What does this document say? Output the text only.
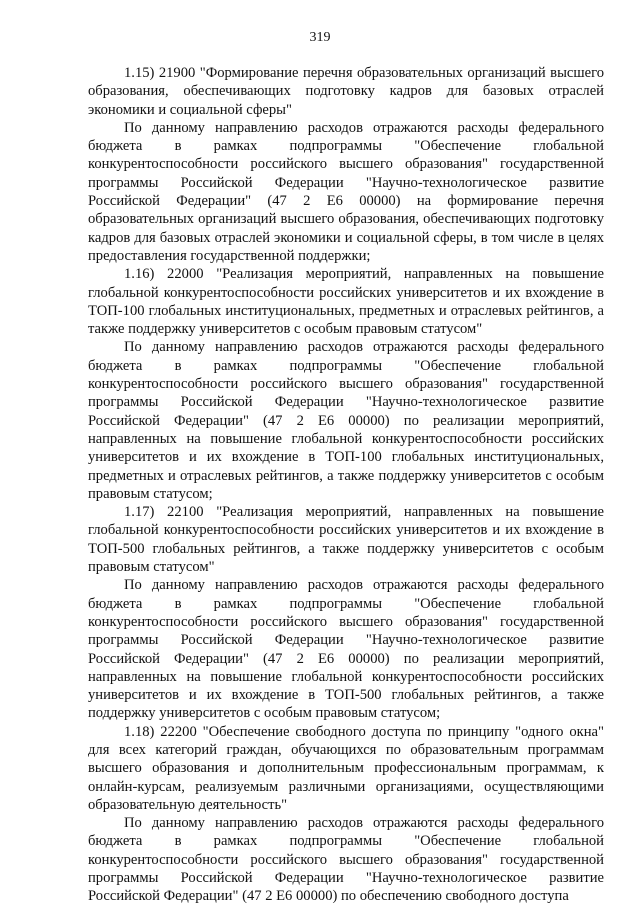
319

1.15) 21900 "Формирование перечня образовательных организаций высшего образования, обеспечивающих подготовку кадров для базовых отраслей экономики и социальной сферы"

По данному направлению расходов отражаются расходы федерального бюджета в рамках подпрограммы "Обеспечение глобальной конкурентоспособности российского высшего образования" государственной программы Российской Федерации "Научно-технологическое развитие Российской Федерации" (47 2 Е6 00000) на формирование перечня образовательных организаций высшего образования, обеспечивающих подготовку кадров для базовых отраслей экономики и социальной сферы, в том числе в целях предоставления государственной поддержки;

1.16) 22000 "Реализация мероприятий, направленных на повышение глобальной конкурентоспособности российских университетов и их вхождение в ТОП-100 глобальных институциональных, предметных и отраслевых рейтингов, а также поддержку университетов с особым правовым статусом"

По данному направлению расходов отражаются расходы федерального бюджета в рамках подпрограммы "Обеспечение глобальной конкурентоспособности российского высшего образования" государственной программы Российской Федерации "Научно-технологическое развитие Российской Федерации" (47 2 Е6 00000) по реализации мероприятий, направленных на повышение глобальной конкурентоспособности российских университетов и их вхождение в ТОП-100 глобальных институциональных, предметных и отраслевых рейтингов, а также поддержку университетов с особым правовым статусом;

1.17) 22100 "Реализация мероприятий, направленных на повышение глобальной конкурентоспособности российских университетов и их вхождение в ТОП-500 глобальных рейтингов, а также поддержку университетов с особым правовым статусом"

По данному направлению расходов отражаются расходы федерального бюджета в рамках подпрограммы "Обеспечение глобальной конкурентоспособности российского высшего образования" государственной программы Российской Федерации "Научно-технологическое развитие Российской Федерации" (47 2 Е6 00000) по реализации мероприятий, направленных на повышение глобальной конкурентоспособности российских университетов и их вхождение в ТОП-500 глобальных рейтингов, а также поддержку университетов с особым правовым статусом;

1.18) 22200 "Обеспечение свободного доступа по принципу "одного окна" для всех категорий граждан, обучающихся по образовательным программам высшего образования и дополнительным профессиональным программам, к онлайн-курсам, реализуемым различными организациями, осуществляющими образовательную деятельность"

По данному направлению расходов отражаются расходы федерального бюджета в рамках подпрограммы "Обеспечение глобальной конкурентоспособности российского высшего образования" государственной программы Российской Федерации "Научно-технологическое развитие Российской Федерации" (47 2 Е6 00000) по обеспечению свободного доступа
